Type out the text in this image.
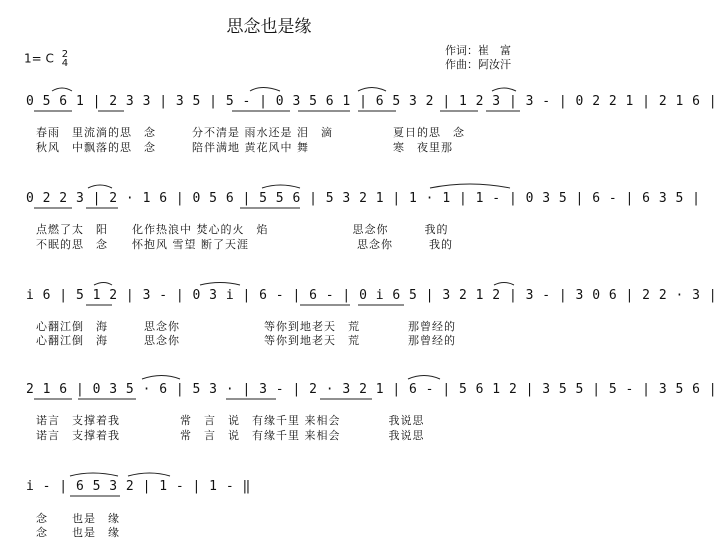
思念也是缘
1= C 2
4
作词：崔　富
作曲：阿汝汗
0 5 6 1 | 2 3 3 | 3 5 | 5 - | 0 3 5 6 1 | 6 5 3 2 | 1 2 3 | 3 - | 0 2 2 1 | 2 1 6 |
春雨　里流淌的思　念　　　分不清是 雨水还是 泪　滴　　　　　夏日的思　念
秋风　中飘落的思　念　　　陪伴满地 黄花风中 舞　　　　　　　寒　夜里那
0 2 2 3 | 2 · 1 6 | 0 5 6 | 5 5 6 | 5 3 2 1 | 1 · 1 | 1 - | 0 3 5 | 6 - | 6 3 5 |
点燃了太　阳　　化作热浪中 焚心的火　焰　　　　　　　思念你　　　我的
不眠的思　念　　怀抱风 雪望 断了天涯　　　　　　　　　思念你　　　我的
i 6 | 5 1 2 | 3 - | 0 3 i | 6 - | 6 - | 0 i 6 5 | 3 2 1 2 | 3 - | 3 0 6 | 2 2 · 3 |
心翻江倒　海　　　思念你　　　　　　　等你到地老天　荒　　　　那曾经的
心翻江倒　海　　　思念你　　　　　　　等你到地老天　荒　　　　那曾经的
2 1 6 | 0 3 5 · 6 | 5 3 · | 3 - | 2 · 3 2 1 | 6 - | 5 6 1 2 | 3 5 5 | 5 - | 3 5 6 |
诺言　支撑着我　　　　　常　言　说　有缘千里 来相会　　　　我说思
诺言　支撑着我　　　　　常　言　说　有缘千里 来相会　　　　我说思
i - | 6 5 3 2 | 1 - | 1 - ‖
念　　也是　缘
念　　也是　缘
